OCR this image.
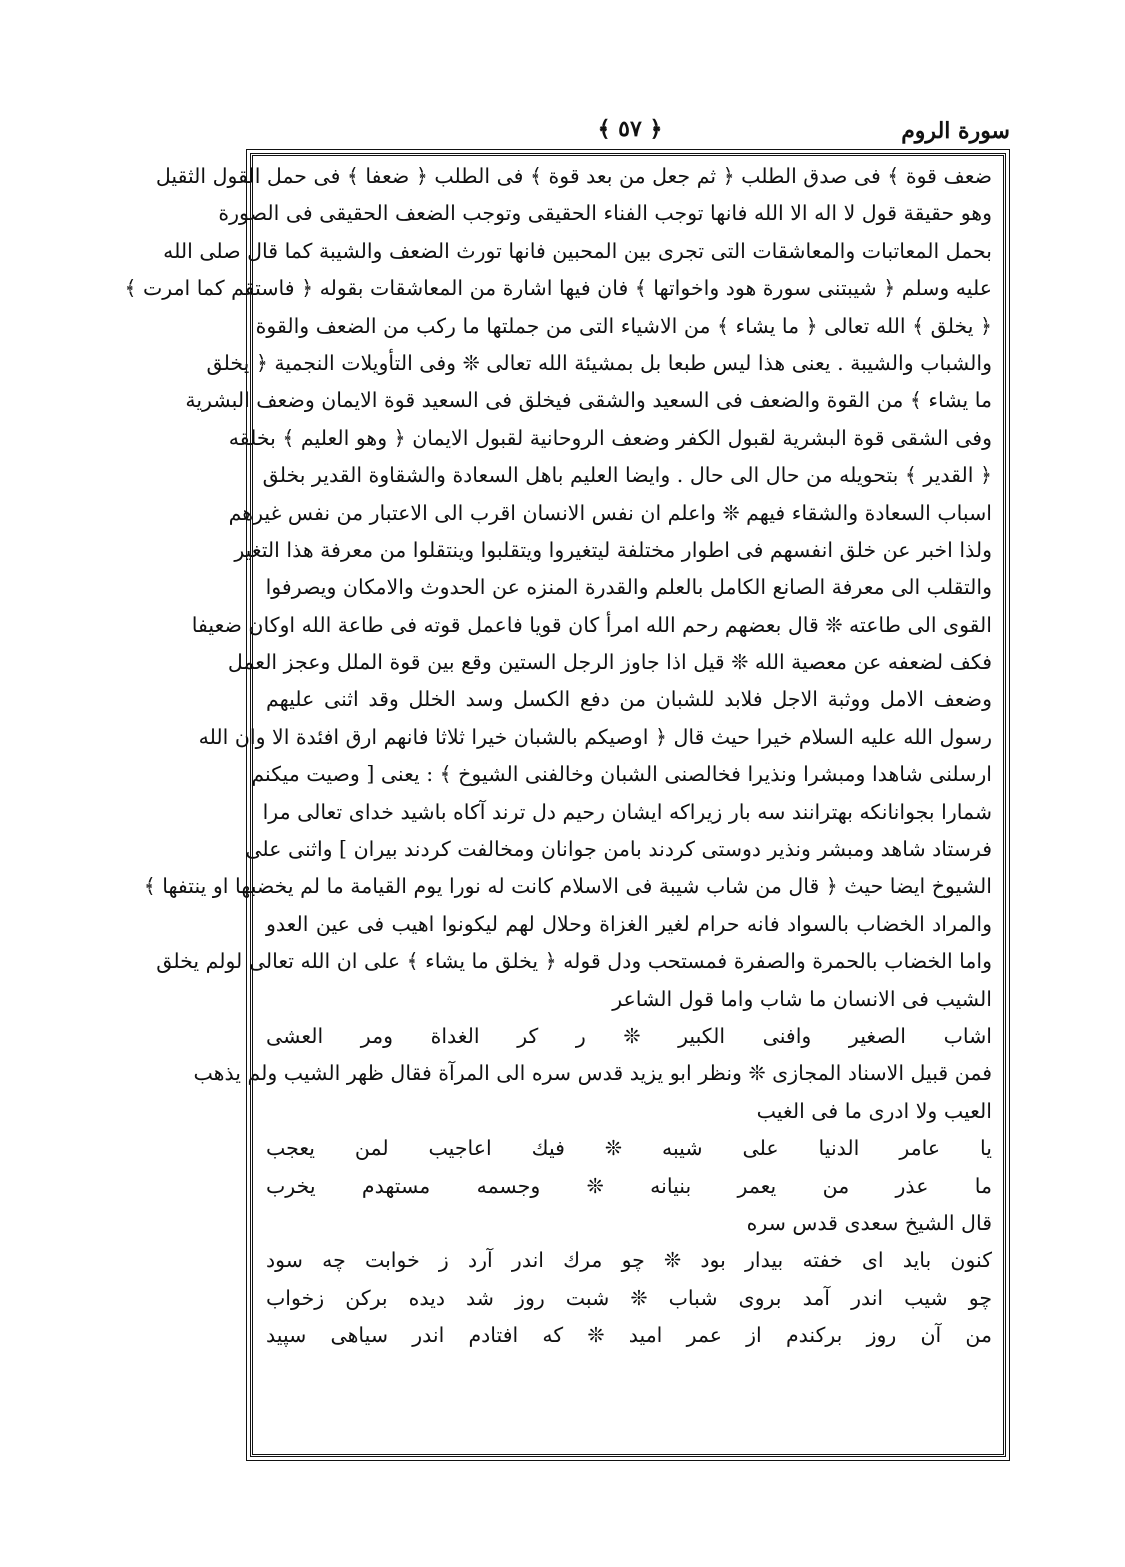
سورة الروم
﴿ ٥٧ ﴾
ضعف قوة ﴾ فى صدق الطلب ﴿ ثم جعل من بعد قوة ﴾ فى الطلب ﴿ ضعفا ﴾ فى حمل القول الثقيل
وهو حقيقة قول لا اله الا الله فانها توجب الفناء الحقيقى وتوجب الضعف الحقيقى فى الصورة
بحمل المعاتبات والمعاشقات التى تجرى بين المحبين فانها تورث الضعف والشيبة كما قال صلى الله
عليه وسلم ﴿ شيبتنى سورة هود واخواتها ﴾ فان فيها اشارة من المعاشقات بقوله ﴿ فاستقم كما امرت ﴾
﴿ يخلق ﴾ الله تعالى ﴿ ما يشاء ﴾ من الاشياء التى من جملتها ما ركب من الضعف والقوة
والشباب والشيبة . يعنى هذا ليس طبعا بل بمشيئة الله تعالى ❊ وفى التأويلات النجمية ﴿ يخلق
ما يشاء ﴾ من القوة والضعف فى السعيد والشقى فيخلق فى السعيد قوة الايمان وضعف البشرية
وفى الشقى قوة البشرية لقبول الكفر وضعف الروحانية لقبول الايمان ﴿ وهو العليم ﴾ بخلقه
﴿ القدير ﴾ بتحويله من حال الى حال . وايضا العليم باهل السعادة والشقاوة القدير بخلق
اسباب السعادة والشقاء فيهم ❊ واعلم ان نفس الانسان اقرب الى الاعتبار من نفس غيرهم
ولذا اخبر عن خلق انفسهم فى اطوار مختلفة ليتغيروا ويتقلبوا وينتقلوا من معرفة هذا التغير
والتقلب الى معرفة الصانع الكامل بالعلم والقدرة المنزه عن الحدوث والامكان ويصرفوا
القوى الى طاعته ❊ قال بعضهم رحم الله امرأ كان قويا فاعمل قوته فى طاعة الله اوكان ضعيفا
فكف لضعفه عن معصية الله ❊ قيل اذا جاوز الرجل الستين وقع بين قوة الملل وعجز العمل
وضعف الامل ووثبة الاجل فلابد للشبان من دفع الكسل وسد الخلل وقد اثنى عليهم
رسول الله عليه السلام خيرا حيث قال ﴿ اوصيكم بالشبان خيرا ثلاثا فانهم ارق افئدة الا وان الله
ارسلنى شاهدا ومبشرا ونذيرا فخالصنى الشبان وخالفنى الشيوخ ﴾ : يعنى [ وصيت ميكنم
شمارا بجوانانكه بهترانند سه بار زيراكه ايشان رحيم دل ترند آكاه باشيد خداى تعالى مرا
فرستاد شاهد ومبشر ونذير دوستى كردند بامن جوانان ومخالفت كردند بيران ] واثنى على
الشيوخ ايضا حيث ﴿ قال من شاب شيبة فى الاسلام كانت له نورا يوم القيامة ما لم يخضبها او ينتفها ﴾
والمراد الخضاب بالسواد فانه حرام لغير الغزاة وحلال لهم ليكونوا اهيب فى عين العدو
واما الخضاب بالحمرة والصفرة فمستحب ودل قوله ﴿ يخلق ما يشاء ﴾ على ان الله تعالى لولم يخلق
الشيب فى الانسان ما شاب واما قول الشاعر
اشاب الصغير وافنى الكبير ❊ ر كر الغداة ومر العشى
فمن قبيل الاسناد المجازى ❊ ونظر ابو يزيد قدس سره الى المرآة فقال ظهر الشيب ولم يذهب
العيب ولا ادرى ما فى الغيب
يا عامر الدنيا على شيبه ❊ فيك اعاجيب لمن يعجب
ما عذر من يعمر بنيانه ❊ وجسمه مستهدم يخرب
قال الشيخ سعدى قدس سره
كنون بايد اى خفته بيدار بود ❊ چو مرك اندر آرد ز خوابت چه سود
چو شيب اندر آمد بروى شباب ❊ شبت روز شد ديده بركن زخواب
من آن روز بركندم از عمر اميد ❊ كه افتادم اندر سياهى سپيد
